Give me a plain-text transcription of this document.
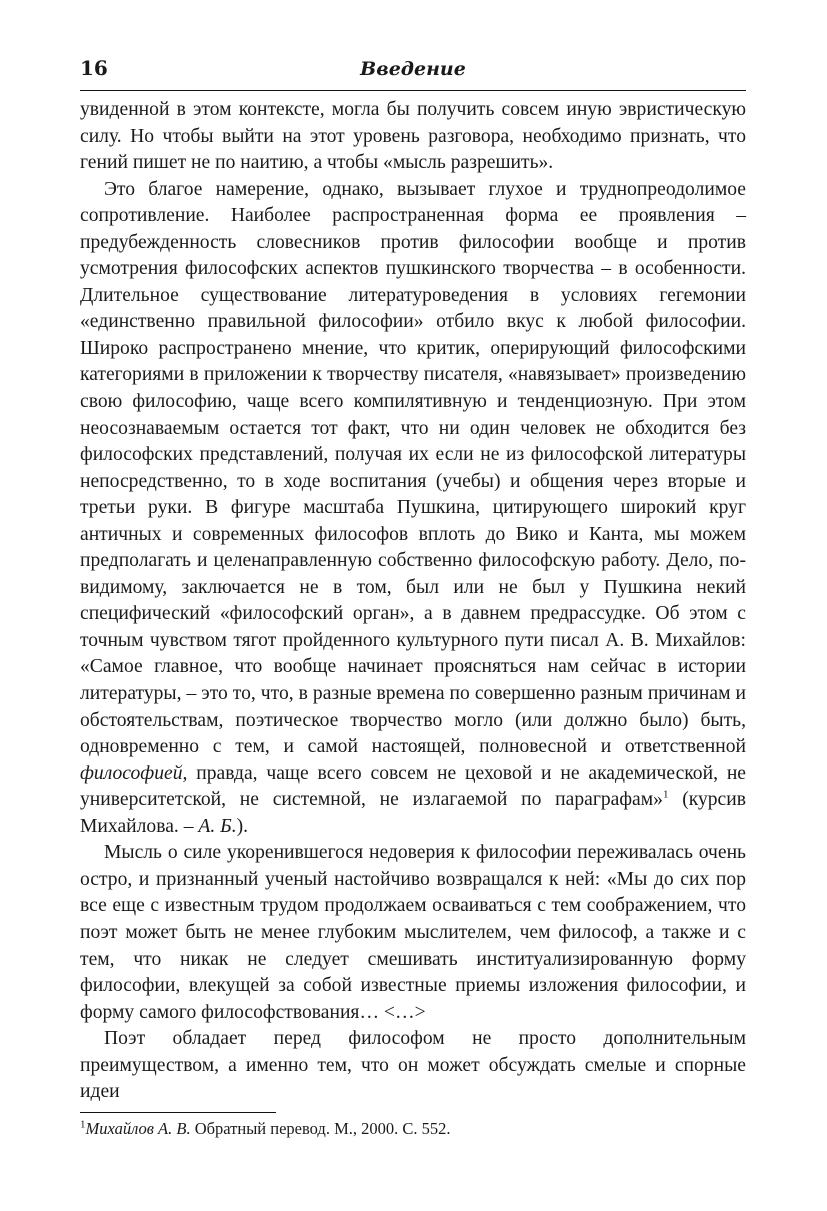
16	Введение

увиденной в этом контексте, могла бы получить совсем иную эвристическую силу. Но чтобы выйти на этот уровень разговора, необходимо признать, что гений пишет не по наитию, а чтобы «мысль разрешить».

Это благое намерение, однако, вызывает глухое и труднопреодолимое сопротивление. Наиболее распространенная форма ее проявления – предубежденность словесников против философии вообще и против усмотрения философских аспектов пушкинского творчества – в особенности. Длительное существование литературоведения в условиях гегемонии «единственно правильной философии» отбило вкус к любой философии. Широко распространено мнение, что критик, оперирующий философскими категориями в приложении к творчеству писателя, «навязывает» произведению свою философию, чаще всего компилятивную и тенденциозную. При этом неосознаваемым остается тот факт, что ни один человек не обходится без философских представлений, получая их если не из философской литературы непосредственно, то в ходе воспитания (учебы) и общения через вторые и третьи руки. В фигуре масштаба Пушкина, цитирующего широкий круг античных и современных философов вплоть до Вико и Канта, мы можем предполагать и целенаправленную собственно философскую работу. Дело, по-видимому, заключается не в том, был или не был у Пушкина некий специфический «философский орган», а в давнем предрассудке. Об этом с точным чувством тягот пройденного культурного пути писал А. В. Михайлов: «Самое главное, что вообще начинает проясняться нам сейчас в истории литературы, – это то, что, в разные времена по совершенно разным причинам и обстоятельствам, поэтическое творчество могло (или должно было) быть, одновременно с тем, и самой настоящей, полновесной и ответственной философией, правда, чаще всего совсем не цеховой и не академической, не университетской, не системной, не излагаемой по параграфам»$^1$ (курсив Михайлова. – А. Б.).

Мысль о силе укоренившегося недоверия к философии переживалась очень остро, и признанный ученый настойчиво возвращался к ней: «Мы до сих пор все еще с известным трудом продолжаем осваиваться с тем соображением, что поэт может быть не менее глубоким мыслителем, чем философ, а также и с тем, что никак не следует смешивать институализированную форму философии, влекущей за собой известные приемы изложения философии, и форму самого философствования… <…>

Поэт обладает перед философом не просто дополнительным преимуществом, а именно тем, что он может обсуждать смелые и спорные идеи

$^1$Михайлов А. В. Обратный перевод. М., 2000. С. 552.
